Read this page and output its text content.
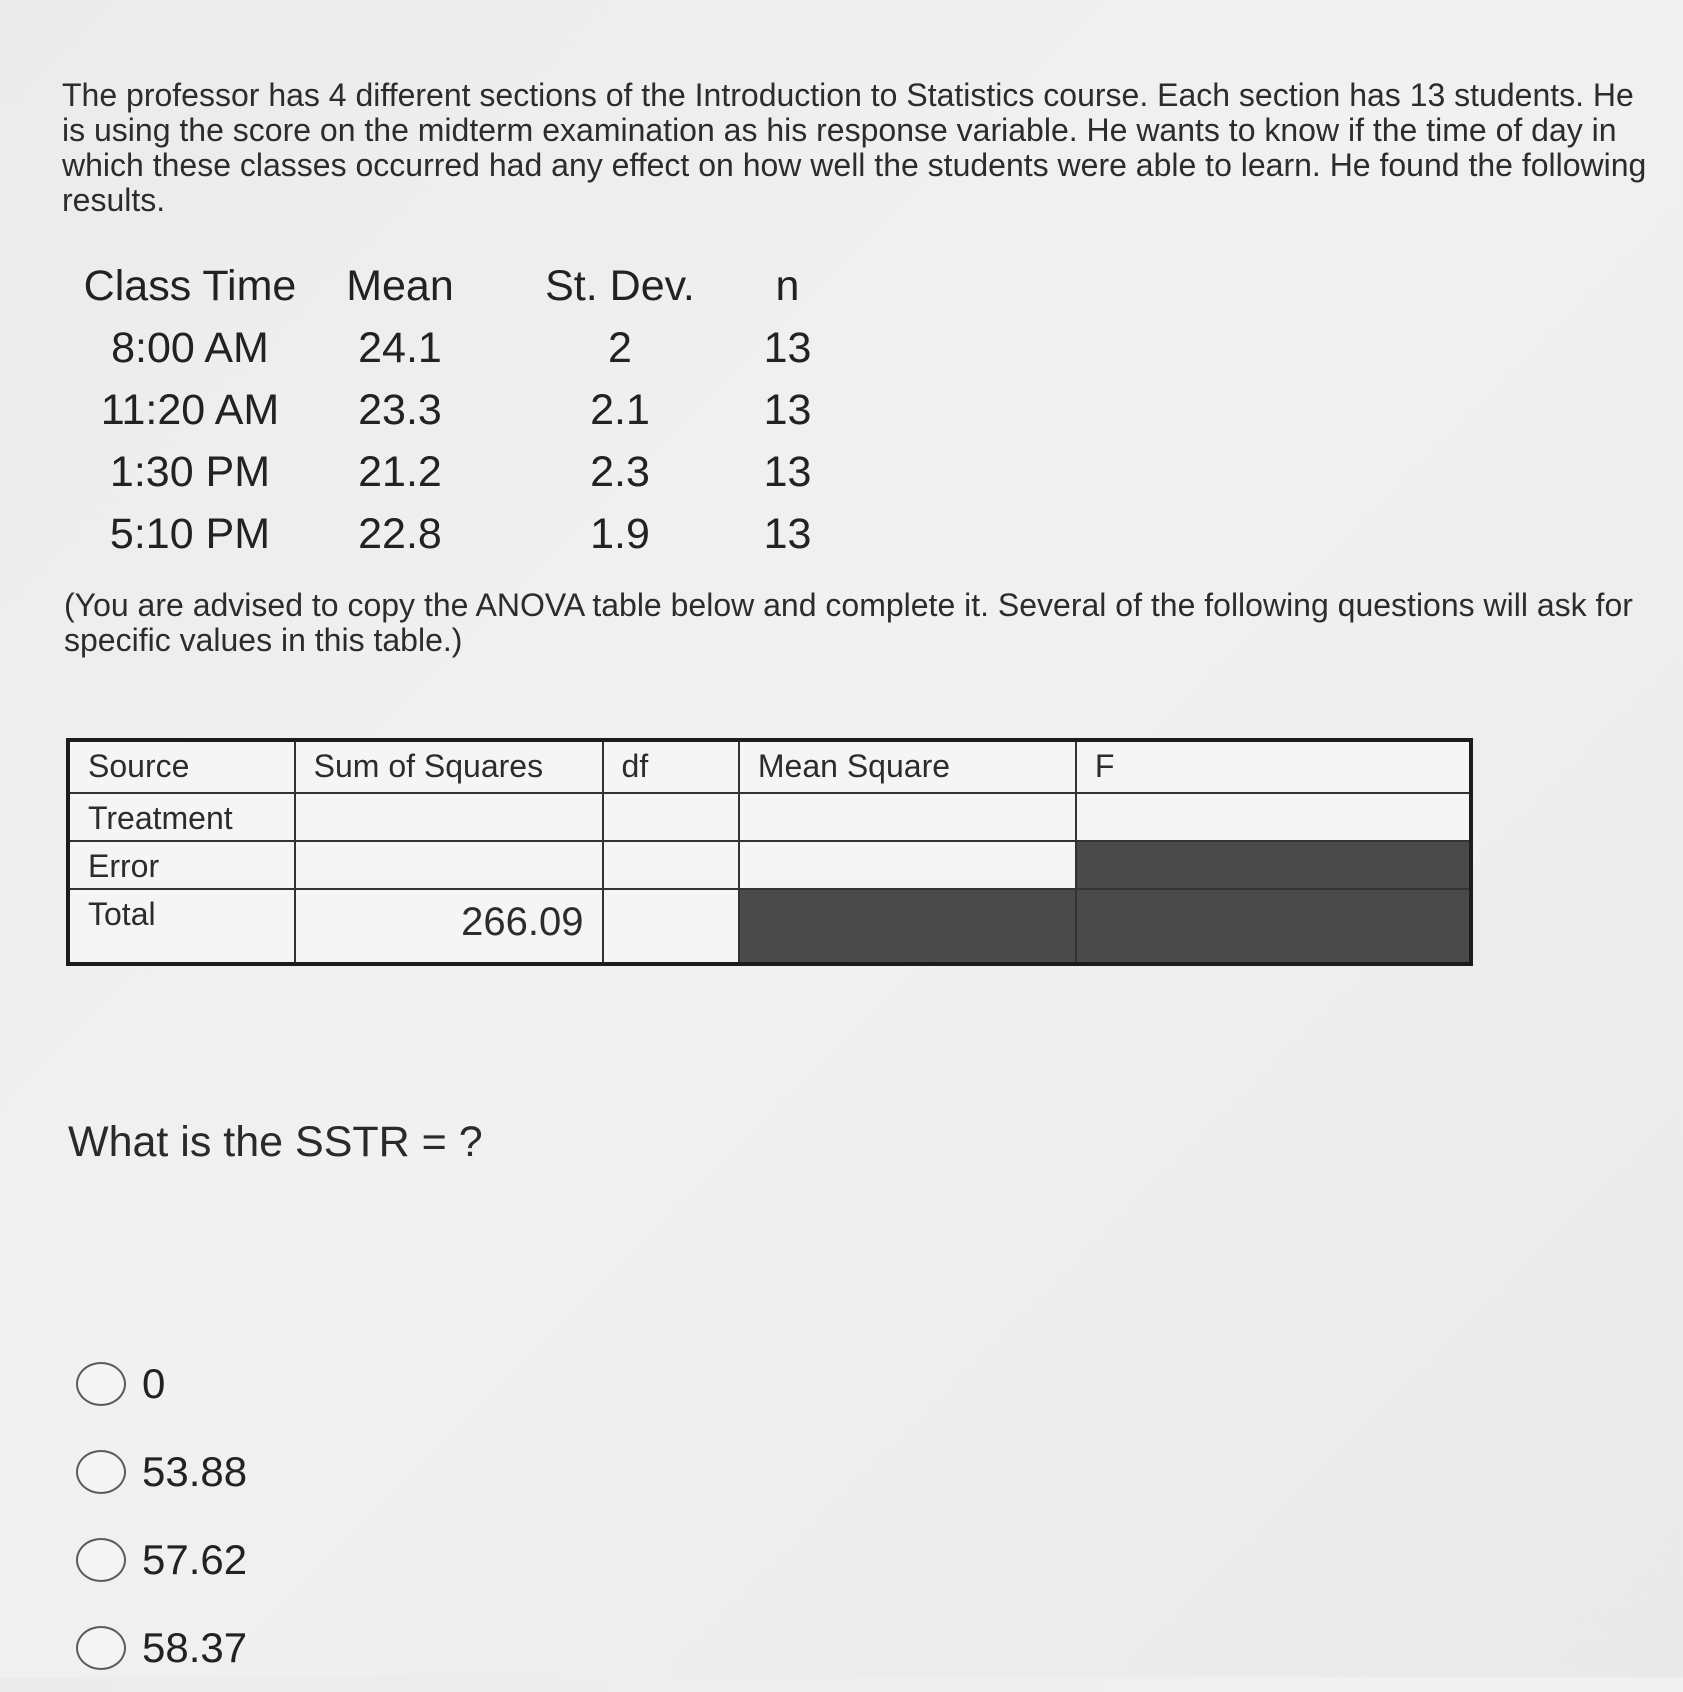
The professor has 4 different sections of the Introduction to Statistics course. Each section has 13 students. He is using the score on the midterm examination as his response variable. He wants to know if the time of day in which these classes occurred had any effect on how well the students were able to learn. He found the following results.

Class Time	Mean	St. Dev.	n
8:00 AM	24.1	2	13
11:20 AM	23.3	2.1	13
1:30 PM	21.2	2.3	13
5:10 PM	22.8	1.9	13

(You are advised to copy the ANOVA table below and complete it. Several of the following questions will ask for specific values in this table.)

Source	Sum of Squares	df	Mean Square	F
Treatment				
Error				
Total	266.09			

What is the SSTR = ?

0
53.88
57.62
58.37
